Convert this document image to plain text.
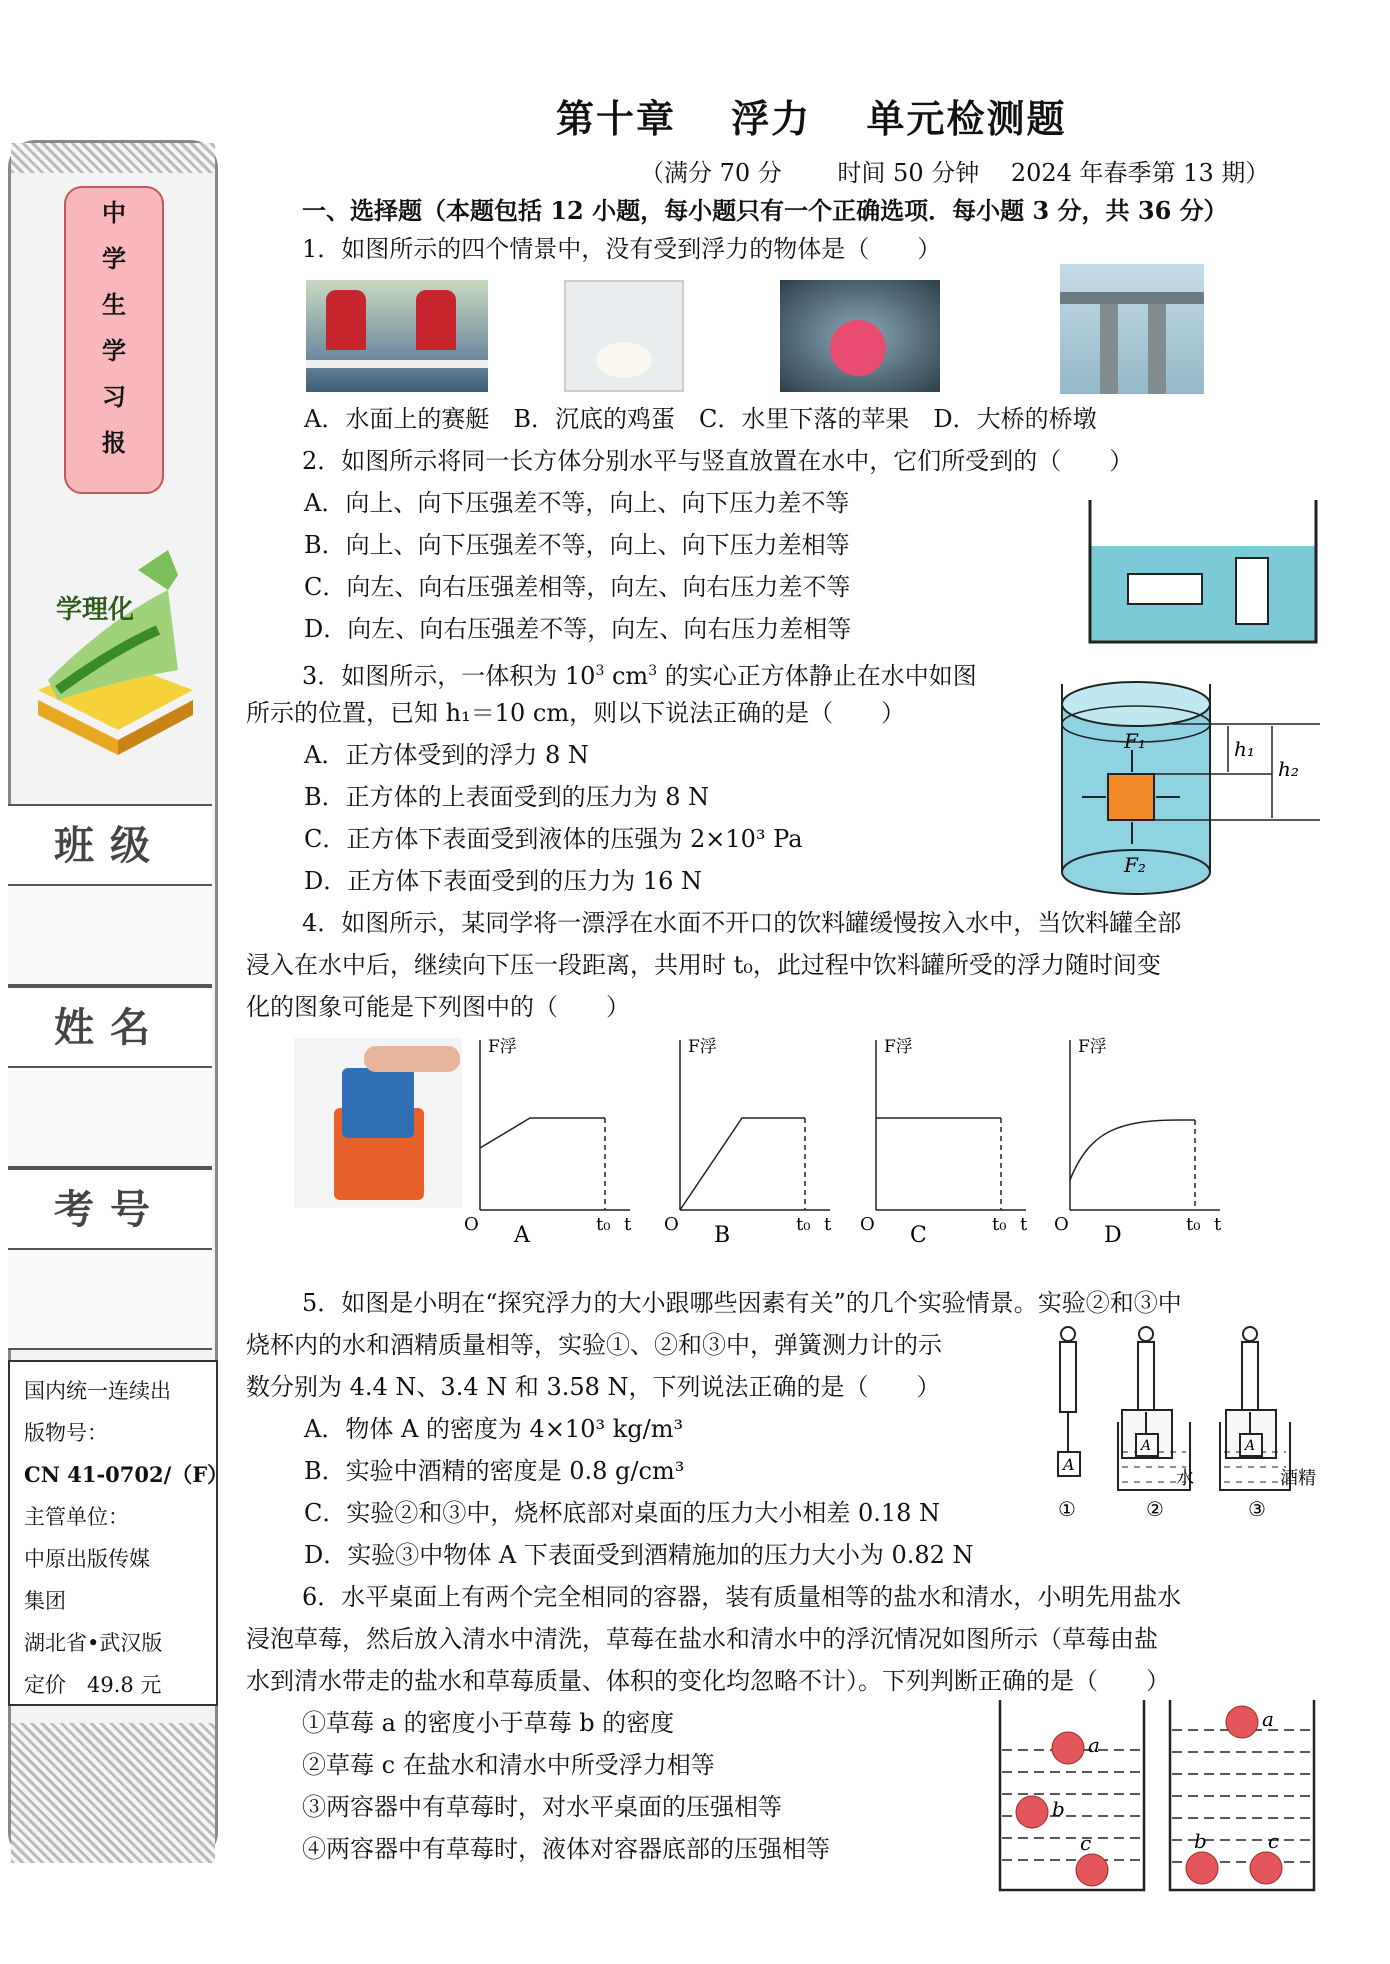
中
学
生
学
习
报
学理化
班级
姓名
考号
国内统一连续出
版物号：
CN 41-0702/（F）
主管单位：
中原出版传媒
集团
湖北省•武汉版
定价　49.8 元
第十章　 浮力　 单元检测题
（满分 70 分　　 时间 50 分钟　 2024 年春季第 13 期）
一、选择题（本题包括 12 小题，每小题只有一个正确选项．每小题 3 分，共 36 分）
1．如图所示的四个情景中，没有受到浮力的物体是（　　）
A．水面上的赛艇　B．沉底的鸡蛋　C．水里下落的苹果　D．大桥的桥墩
2．如图所示将同一长方体分别水平与竖直放置在水中，它们所受到的（　　）
A．向上、向下压强差不等，向上、向下压力差不等
B．向上、向下压强差不等，向上、向下压力差相等
C．向左、向右压强差相等，向左、向右压力差不等
D．向左、向右压强差不等，向左、向右压力差相等
3．如图所示，一体积为 $10^3$ $cm^3$ 的实心正方体静止在水中如图
所示的位置，已知 h₁＝10 cm，则以下说法正确的是（　　）
A．正方体受到的浮力 8 N
B．正方体的上表面受到的压力为 8 N
C．正方体下表面受到液体的压强为 2×10³ Pa
D．正方体下表面受到的压力为 16 N
F₁
F₂
h₁
h₂
4．如图所示，某同学将一漂浮在水面不开口的饮料罐缓慢按入水中，当饮料罐全部
浸入在水中后，继续向下压一段距离，共用时 t₀，此过程中饮料罐所受的浮力随时间变
化的图象可能是下列图中的（　　）
F浮
O	t₀ t
A
F浮
O	t₀ t
B
F浮
O	t₀ t
C
F浮
O	t₀ t
D
5．如图是小明在“探究浮力的大小跟哪些因素有关”的几个实验情景。实验②和③中
烧杯内的水和酒精质量相等，实验①、②和③中，弹簧测力计的示
数分别为 4.4 N、3.4 N 和 3.58 N，下列说法正确的是（　　）
A．物体 A 的密度为 4×10³ kg/m³
B．实验中酒精的密度是 0.8 g/cm³
C．实验②和③中，烧杯底部对桌面的压力大小相差 0.18 N
D．实验③中物体 A 下表面受到酒精施加的压力大小为 0.82 N
A
A	A
水	酒精
①	②	③
6．水平桌面上有两个完全相同的容器，装有质量相等的盐水和清水，小明先用盐水
浸泡草莓，然后放入清水中清洗，草莓在盐水和清水中的浮沉情况如图所示（草莓由盐
水到清水带走的盐水和草莓质量、体积的变化均忽略不计）。下列判断正确的是（　　）
①草莓 a 的密度小于草莓 b 的密度
②草莓 c 在盐水和清水中所受浮力相等
③两容器中有草莓时，对水平桌面的压强相等
④两容器中有草莓时，液体对容器底部的压强相等
a
b
c
a
b	c
